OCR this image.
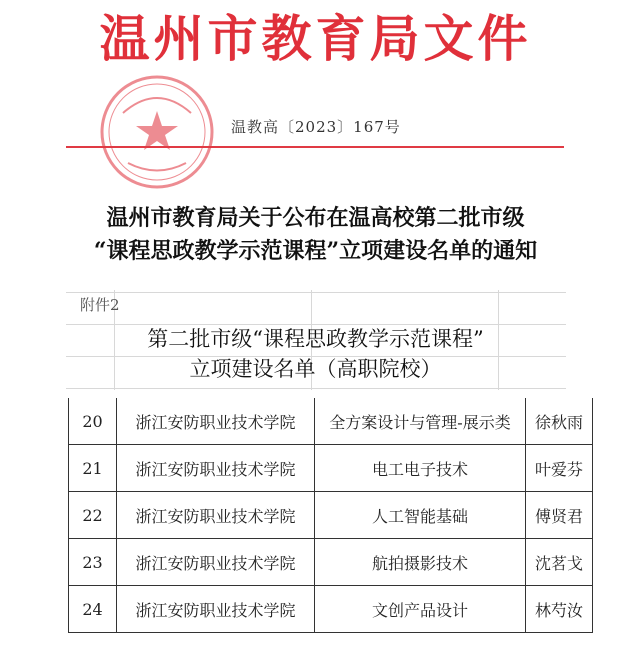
温州市教育局文件
温教高〔2023〕167号
温州市教育局关于公布在温高校第二批市级
“课程思政教学示范课程”立项建设名单的通知
附件2
第二批市级“课程思政教学示范课程”
立项建设名单（高职院校）
20	浙江安防职业技术学院	全方案设计与管理-展示类	徐秋雨
21	浙江安防职业技术学院	电工电子技术	叶爱芬
22	浙江安防职业技术学院	人工智能基础	傅贤君
23	浙江安防职业技术学院	航拍摄影技术	沈茗戈
24	浙江安防职业技术学院	文创产品设计	林芍汝
